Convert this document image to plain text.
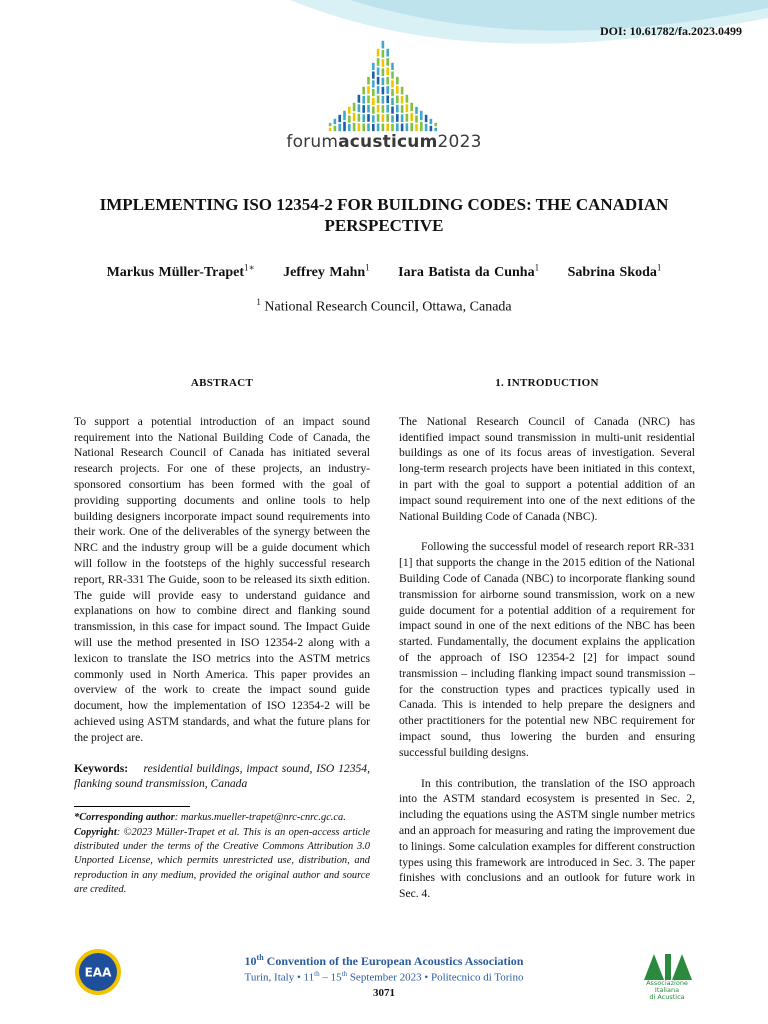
DOI: 10.61782/fa.2023.0499
forumacusticum2023
IMPLEMENTING ISO 12354-2 FOR BUILDING CODES: THE CANADIAN
PERSPECTIVE
Markus Müller-Trapet$^{1∗}$ Jeffrey Mahn$^1$ Iara Batista da Cunha$^1$ Sabrina Skoda$^1$
$^1$ National Research Council, Ottawa, Canada
ABSTRACT

To support a potential introduction of an impact sound requirement into the National Building Code of Canada, the National Research Council of Canada has initiated several research projects. For one of these projects, an industry-sponsored consortium has been formed with the goal of providing supporting documents and online tools to help building designers incorporate impact sound requirements into their work. One of the deliverables of the synergy between the NRC and the industry group will be a guide document which will follow in the footsteps of the highly successful research report, RR-331 The Guide, soon to be released its sixth edition. The guide will provide easy to understand guidance and explanations on how to combine direct and flanking sound transmission, in this case for impact sound. The Impact Guide will use the method presented in ISO 12354-2 along with a lexicon to translate the ISO metrics into the ASTM metrics commonly used in North America. This paper provides an overview of the work to create the impact sound guide document, how the implementation of ISO 12354-2 will be achieved using ASTM standards, and what the future plans for the project are.

Keywords: residential buildings, impact sound, ISO 12354, flanking sound transmission, Canada

*Corresponding author: markus.mueller-trapet@nrc-cnrc.gc.ca.

Copyright: ©2023 Müller-Trapet et al. This is an open-access article distributed under the terms of the Creative Commons Attribution 3.0 Unported License, which permits unrestricted use, distribution, and reproduction in any medium, provided the original author and source are credited.

1. INTRODUCTION

The National Research Council of Canada (NRC) has identified impact sound transmission in multi-unit residential buildings as one of its focus areas of investigation. Several long-term research projects have been initiated in this context, in part with the goal to support a potential addition of an impact sound requirement into one of the next editions of the National Building Code of Canada (NBC).

Following the successful model of research report RR-331 [1] that supports the change in the 2015 edition of the National Building Code of Canada (NBC) to incorporate flanking sound transmission for airborne sound transmission, work on a new guide document for a potential addition of a requirement for impact sound in one of the next editions of the NBC has been started. Fundamentally, the document explains the application of the approach of ISO 12354-2 [2] for impact sound transmission – including flanking impact sound transmission – for the construction types and practices typically used in Canada. This is intended to help prepare the designers and other practitioners for the potential new NBC requirement for impact sound, thus lowering the burden and ensuring successful building designs.

In this contribution, the translation of the ISO approach into the ASTM standard ecosystem is presented in Sec. 2, including the equations using the ASTM single number metrics and an approach for measuring and rating the improvement due to linings. Some calculation examples for different construction types using this framework are introduced in Sec. 3. The paper finishes with conclusions and an outlook for future work in Sec. 4.

EAA
10th Convention of the European Acoustics Association
Turin, Italy • 11th – 15th September 2023 • Politecnico di Torino
3071
Associazione
Italiana
di Acustica
